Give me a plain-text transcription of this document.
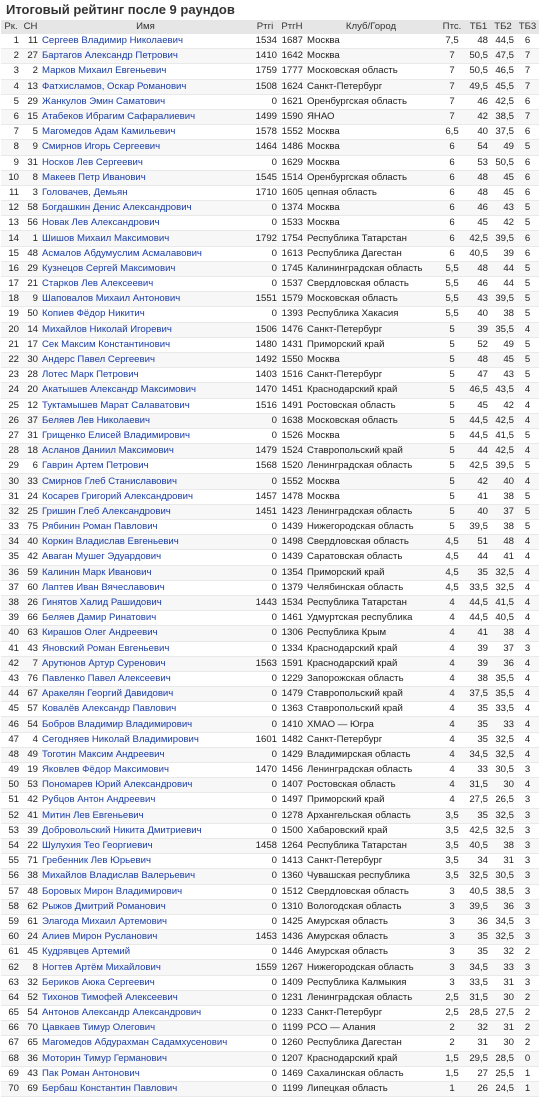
Итоговый рейтинг после 9 раундов
Рк.	СН	Имя	Ртгi	РтгН	Клуб/Город	Птс.	ТБ1	ТБ2	ТБ3
1	11	Сергеев Владимир Николаевич	1534	1687	Москва	7,5	48	44,5	6
2	27	Бартагов Александр Петрович	1410	1642	Москва	7	50,5	47,5	7
3	2	Марков Михаил Евгеньевич	1759	1777	Московская область	7	50,5	46,5	7
4	13	Фатхисламов, Оскар Романович	1508	1624	Санкт-Петербург	7	49,5	45,5	7
5	29	Жанкулов Эмин Саматович	0	1621	Оренбургская область	7	46	42,5	6
6	15	Атабеков Ибрагим Сафаралиевич	1499	1590	ЯНАО	7	42	38,5	7
7	5	Магомедов Адам Камильевич	1578	1552	Москва	6,5	40	37,5	6
8	9	Смирнов Игорь Сергеевич	1464	1486	Москва	6	54	49	5
9	31	Носков Лев Сергеевич	0	1629	Москва	6	53	50,5	6
10	8	Макеев Петр Иванович	1545	1514	Оренбургская область	6	48	45	6
11	3	Головачев, Демьян	1710	1605	цепная область	6	48	45	6
12	58	Богдашкин Денис Александрович	0	1374	Москва	6	46	43	5
13	56	Новак Лев Александрович	0	1533	Москва	6	45	42	5
14	1	Шишов Михаил Максимович	1792	1754	Республика Татарстан	6	42,5	39,5	6
15	48	Асмалов Абдумуслим Асмалавович	0	1613	Республика Дагестан	6	40,5	39	6
16	29	Кузнецов Сергей Максимович	0	1745	Калининградская область	5,5	48	44	5
17	21	Старков Лев Алексеевич	0	1537	Свердловская область	5,5	46	44	5
18	9	Шаповалов Михаил Антонович	1551	1579	Московская область	5,5	43	39,5	5
19	50	Копиев Фёдор Никитич	0	1393	Республика Хакасия	5,5	40	38	5
20	14	Михайлов Николай Игоревич	1506	1476	Санкт-Петербург	5	39	35,5	4
21	17	Сек Максим Константинович	1480	1431	Приморский край	5	52	49	5
22	30	Андерс Павел Сергеевич	1492	1550	Москва	5	48	45	5
23	28	Лотес Марк Петрович	1403	1516	Санкт-Петербург	5	47	43	5
24	20	Акатышев Александр Максимович	1470	1451	Краснодарский край	5	46,5	43,5	4
25	12	Туктамышев Марат Салаватович	1516	1491	Ростовская область	5	45	42	4
26	37	Беляев Лев Николаевич	0	1638	Московская область	5	44,5	42,5	4
27	31	Грищенко Елисей Владимирович	0	1526	Москва	5	44,5	41,5	5
28	18	Асланов Даниил Максимович	1479	1524	Ставропольский край	5	44	42,5	4
29	6	Гаврин Артем Петрович	1568	1520	Ленинградская область	5	42,5	39,5	5
30	33	Смирнов Глеб Станиславович	0	1552	Москва	5	42	40	4
31	24	Косарев Григорий Александрович	1457	1478	Москва	5	41	38	5
32	25	Гришин Глеб Александрович	1451	1423	Ленинградская область	5	40	37	5
33	75	Рябинин Роман Павлович	0	1439	Нижегородская область	5	39,5	38	5
34	40	Коркин Владислав Евгеньевич	0	1498	Свердловская область	4,5	51	48	4
35	42	Аваган Мушег Эдуардович	0	1439	Саратовская область	4,5	44	41	4
36	59	Калинин Марк Иванович	0	1354	Приморский край	4,5	35	32,5	4
37	60	Лаптев Иван Вячеславович	0	1379	Челябинская область	4,5	33,5	32,5	4
38	26	Гинятов Халид Рашидович	1443	1534	Республика Татарстан	4	44,5	41,5	4
39	66	Беляев Дамир Ринатович	0	1461	Удмуртская республика	4	44,5	40,5	4
40	63	Кирашов Олег Андреевич	0	1306	Республика Крым	4	41	38	4
41	43	Яновский Роман Евгеньевич	0	1334	Краснодарский край	4	39	37	3
42	7	Арутюнов Артур Суренович	1563	1591	Краснодарский край	4	39	36	4
43	76	Павленко Павел Алексеевич	0	1229	Запорожская область	4	38	35,5	4
44	67	Аракелян Георгий Давидович	0	1479	Ставропольский край	4	37,5	35,5	4
45	57	Ковалёв Александр Павлович	0	1363	Ставропольский край	4	35	33,5	4
46	54	Бобров Владимир Владимирович	0	1410	ХМАО — Югра	4	35	33	4
47	4	Сегодняев Николай Владимирович	1601	1482	Санкт-Петербург	4	35	32,5	4
48	49	Тоготин Максим Андреевич	0	1429	Владимирская область	4	34,5	32,5	4
49	19	Яковлев Фёдор Максимович	1470	1456	Ленинградская область	4	33	30,5	3
50	53	Пономарев Юрий Александрович	0	1407	Ростовская область	4	31,5	30	4
51	42	Рубцов Антон Андреевич	0	1497	Приморский край	4	27,5	26,5	3
52	41	Митин Лев Евгеньевич	0	1278	Архангельская область	3,5	35	32,5	3
53	39	Добровольский Никита Дмитриевич	0	1500	Хабаровский край	3,5	42,5	32,5	3
54	22	Шулухия Тео Георгиевич	1458	1264	Республика Татарстан	3,5	40,5	38	3
55	71	Гребенник Лев Юрьевич	0	1413	Санкт-Петербург	3,5	34	31	3
56	38	Михайлов Владислав Валерьевич	0	1360	Чувашская республика	3,5	32,5	30,5	3
57	48	Боровых Мирон Владимирович	0	1512	Свердловская область	3	40,5	38,5	3
58	62	Рыжов Дмитрий Романович	0	1310	Вологодская область	3	39,5	36	3
59	61	Элагода Михаил Артемович	0	1425	Амурская область	3	36	34,5	3
60	24	Алиев Мирон Русланович	1453	1436	Амурская область	3	35	32,5	3
61	45	Кудрявцев Артемий	0	1446	Амурская область	3	35	32	2
62	8	Ногтев Артём Михайлович	1559	1267	Нижегородская область	3	34,5	33	3
63	32	Бериков Аюка Сергеевич	0	1409	Республика Калмыкия	3	33,5	31	3
64	52	Тихонов Тимофей Алексеевич	0	1231	Ленинградская область	2,5	31,5	30	2
65	54	Антонов Александр Александрович	0	1233	Санкт-Петербург	2,5	28,5	27,5	2
66	70	Цавкаев Тимур Олегович	0	1199	РСО — Алания	2	32	31	2
67	65	Магомедов Абдурахман Садамхусенович	0	1260	Республика Дагестан	2	31	30	2
68	36	Моторин Тимур Германович	0	1207	Краснодарский край	1,5	29,5	28,5	0
69	43	Пак Роман Антонович	0	1469	Сахалинская область	1,5	27	25,5	1
70	69	Бербаш Константин Павлович	0	1199	Липецкая область	1	26	24,5	1
